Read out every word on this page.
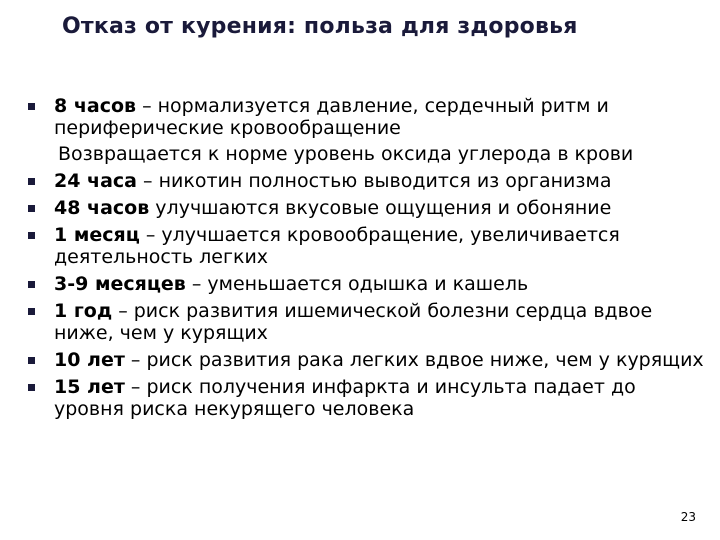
Отказ от курения: польза для здоровья
8 часов – нормализуется давление, сердечный ритм и периферические кровообращение
Возвращается к норме уровень оксида углерода в крови
24 часа – никотин полностью выводится из организма
48 часов улучшаются вкусовые ощущения и обоняние
1 месяц – улучшается кровообращение, увеличивается деятельность легких
3-9 месяцев – уменьшается одышка и кашель
1 год – риск развития ишемической болезни сердца вдвое ниже, чем у курящих
10 лет – риск развития рака легких вдвое ниже, чем у курящих
15 лет – риск получения инфаркта и инсульта падает до уровня риска некурящего человека
23
